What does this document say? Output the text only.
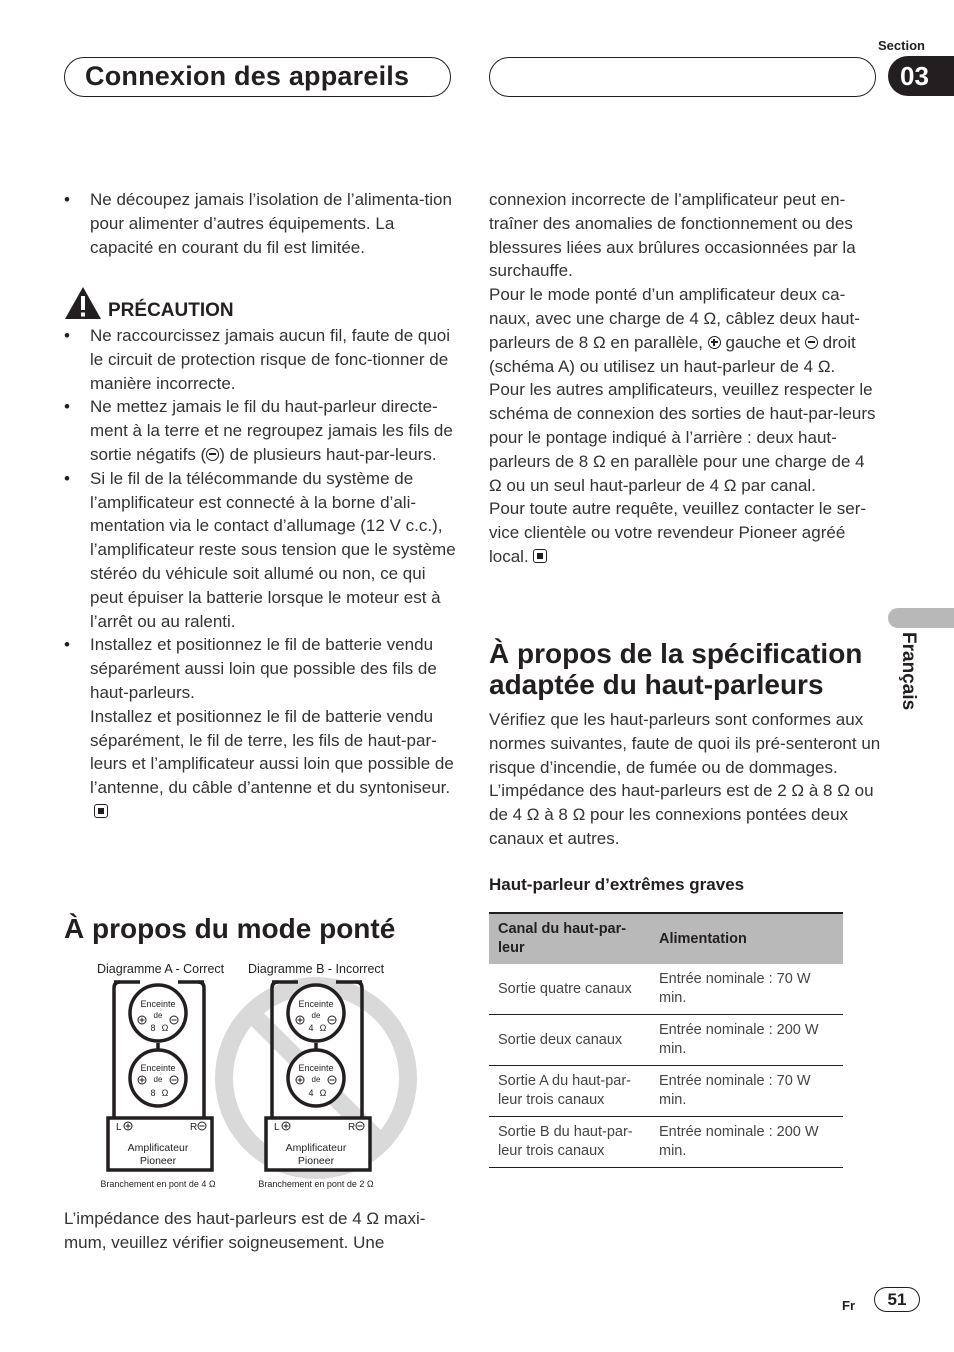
Connexion des appareils
Section
03
Français
• Ne découpez jamais l’isolation de l’alimenta-tion pour alimenter d’autres équipements. La capacité en courant du fil est limitée.
PRÉCAUTION
• Ne raccourcissez jamais aucun fil, faute de quoi le circuit de protection risque de fonc-tionner de manière incorrecte.
• Ne mettez jamais le fil du haut-parleur directe-ment à la terre et ne regroupez jamais les fils de sortie négatifs ( ) de plusieurs haut-par-leurs.
• Si le fil de la télécommande du système de l’amplificateur est connecté à la borne d’ali-mentation via le contact d’allumage (12 V c.c.), l’amplificateur reste sous tension que le système stéréo du véhicule soit allumé ou non, ce qui peut épuiser la batterie lorsque le moteur est à l’arrêt ou au ralenti.
• Installez et positionnez le fil de batterie vendu séparément aussi loin que possible des fils de haut-parleurs.
Installez et positionnez le fil de batterie vendu séparément, le fil de terre, les fils de haut-par-leurs et l’amplificateur aussi loin que possible de l’antenne, du câble d’antenne et du syntoniseur.
À propos du mode ponté
Diagramme A - Correct Diagramme B - Incorrect
Enceinte
de
8 Ω
Enceinte
de
8 Ω
L	R
Amplificateur
Pioneer
Branchement en pont de 4 Ω
Enceinte
de
4 Ω
Enceinte
de
4 Ω
L	R
Amplificateur
Pioneer
Branchement en pont de 2 Ω
L’impédance des haut-parleurs est de 4 Ω maxi-mum, veuillez vérifier soigneusement. Une
connexion incorrecte de l’amplificateur peut en-traîner des anomalies de fonctionnement ou des blessures liées aux brûlures occasionnées par la surchauffe.
Pour le mode ponté d’un amplificateur deux ca-naux, avec une charge de 4 Ω, câblez deux haut-parleurs de 8 Ω en parallèle, gauche et droit (schéma A) ou utilisez un haut-parleur de 4 Ω.
Pour les autres amplificateurs, veuillez respecter le schéma de connexion des sorties de haut-par-leurs pour le pontage indiqué à l’arrière : deux haut-parleurs de 8 Ω en parallèle pour une charge de 4 Ω ou un seul haut-parleur de 4 Ω par canal.
Pour toute autre requête, veuillez contacter le ser-vice clientèle ou votre revendeur Pioneer agréé local.
À propos de la spécification adaptée du haut-parleurs
Vérifiez que les haut-parleurs sont conformes aux normes suivantes, faute de quoi ils pré-senteront un risque d’incendie, de fumée ou de dommages. L’impédance des haut-parleurs est de 2 Ω à 8 Ω ou de 4 Ω à 8 Ω pour les connexions pontées deux canaux et autres.
Haut-parleur d’extrêmes graves
Canal du haut-par-leur	Alimentation
Sortie quatre canaux	Entrée nominale : 70 W min.
Sortie deux canaux	Entrée nominale : 200 W min.
Sortie A du haut-par-leur trois canaux	Entrée nominale : 70 W min.
Sortie B du haut-par-leur trois canaux	Entrée nominale : 200 W min.
Fr	51
